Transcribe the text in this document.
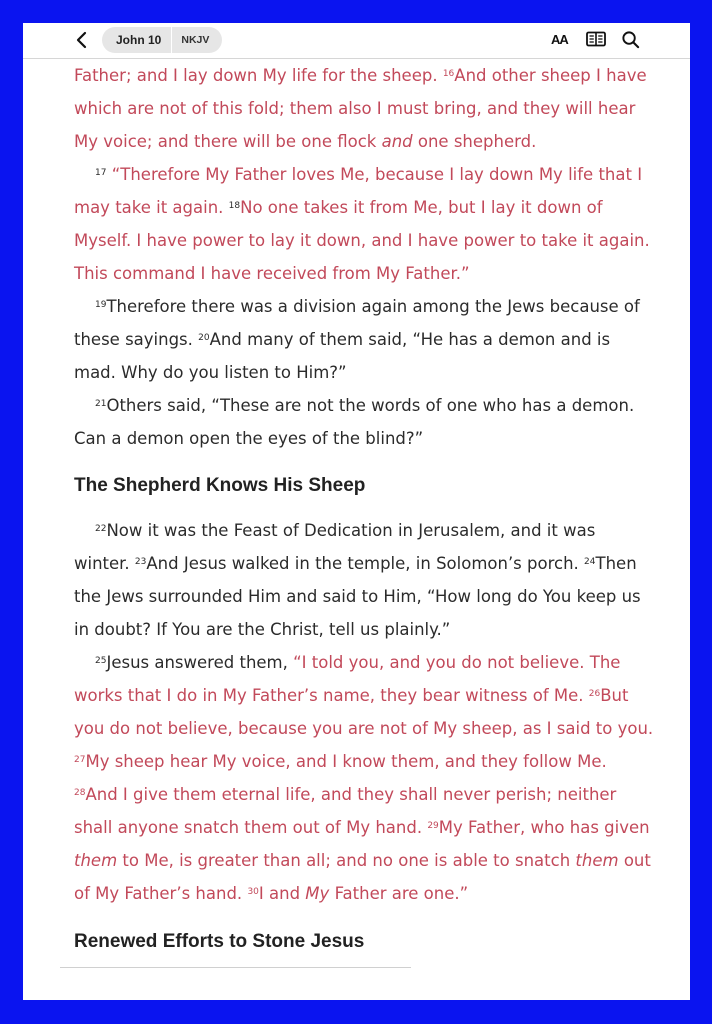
John 10	NKJV	AA

Father; and I lay down My life for the sheep. $^{16}$And other sheep I have which are not of this fold; them also I must bring, and they will hear My voice; and there will be one flock and one shepherd.

$^{17}$ “Therefore My Father loves Me, because I lay down My life that I may take it again. $^{18}$No one takes it from Me, but I lay it down of Myself. I have power to lay it down, and I have power to take it again. This command I have received from My Father.”

$^{19}$Therefore there was a division again among the Jews because of these sayings. $^{20}$And many of them said, “He has a demon and is mad. Why do you listen to Him?”

$^{21}$Others said, “These are not the words of one who has a demon. Can a demon open the eyes of the blind?”

The Shepherd Knows His Sheep

$^{22}$Now it was the Feast of Dedication in Jerusalem, and it was winter. $^{23}$And Jesus walked in the temple, in Solomon’s porch. $^{24}$Then the Jews surrounded Him and said to Him, “How long do You keep us in doubt? If You are the Christ, tell us plainly.”

$^{25}$Jesus answered them, “I told you, and you do not believe. The works that I do in My Father’s name, they bear witness of Me. $^{26}$But you do not believe, because you are not of My sheep, as I said to you. $^{27}$My sheep hear My voice, and I know them, and they follow Me. $^{28}$And I give them eternal life, and they shall never perish; neither shall anyone snatch them out of My hand. $^{29}$My Father, who has given them to Me, is greater than all; and no one is able to snatch them out of My Father’s hand. $^{30}$I and My Father are one.”

Renewed Efforts to Stone Jesus
